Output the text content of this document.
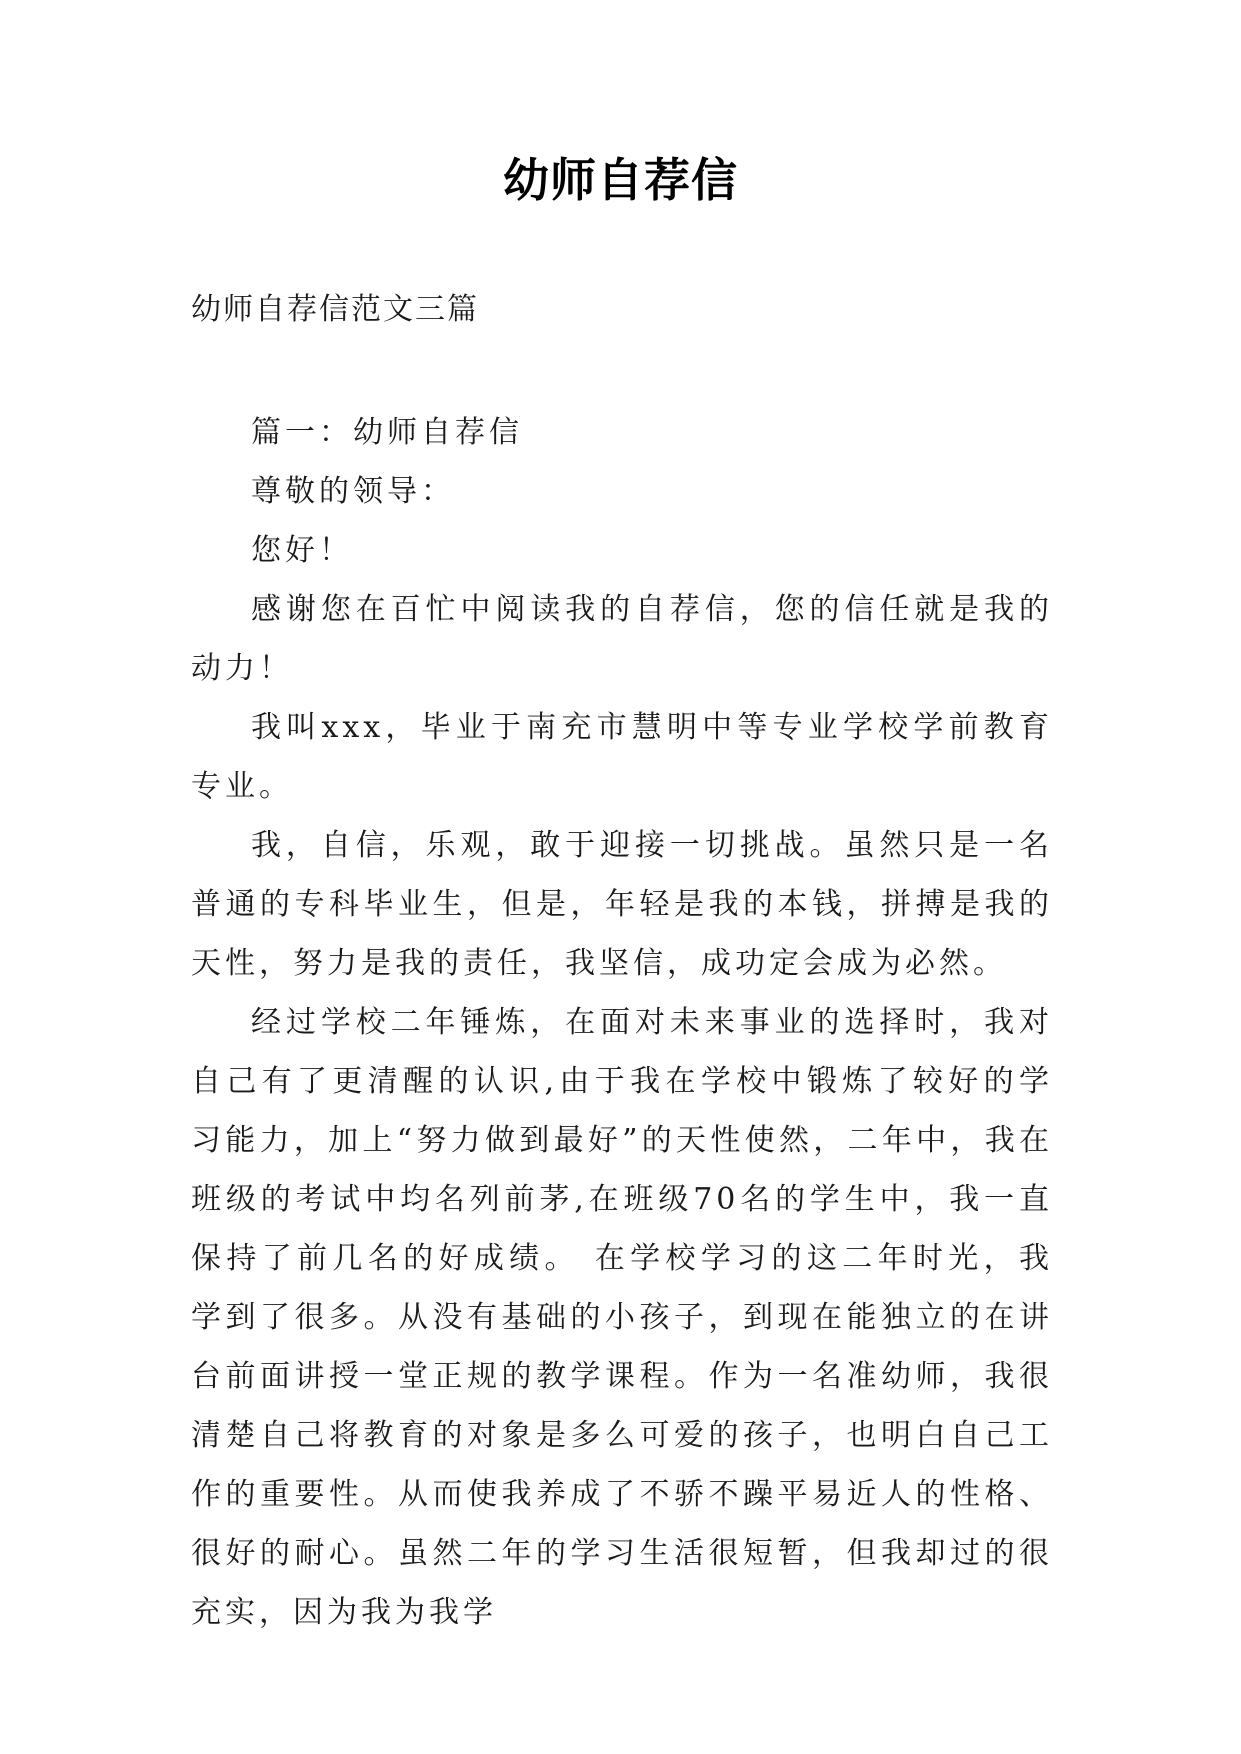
幼师自荐信
幼师自荐信范文三篇

篇一：幼师自荐信

尊敬的领导：

您好！

感谢您在百忙中阅读我的自荐信，您的信任就是我的动力！

我叫xxx，毕业于南充市慧明中等专业学校学前教育专业。

我，自信，乐观，敢于迎接一切挑战。虽然只是一名普通的专科毕业生，但是，年轻是我的本钱，拼搏是我的天性，努力是我的责任，我坚信，成功定会成为必然。

经过学校二年锤炼，在面对未来事业的选择时，我对自己有了更清醒的认识,由于我在学校中锻炼了较好的学习能力，加上“努力做到最好”的天性使然，二年中，我在班级的考试中均名列前茅,在班级70名的学生中，我一直保持了前几名的好成绩。 在学校学习的这二年时光，我学到了很多。从没有基础的小孩子，到现在能独立的在讲台前面讲授一堂正规的教学课程。作为一名准幼师，我很清楚自己将教育的对象是多么可爱的孩子，也明白自己工作的重要性。从而使我养成了不骄不躁平易近人的性格、很好的耐心。虽然二年的学习生活很短暂，但我却过的很充实，因为我为我学
